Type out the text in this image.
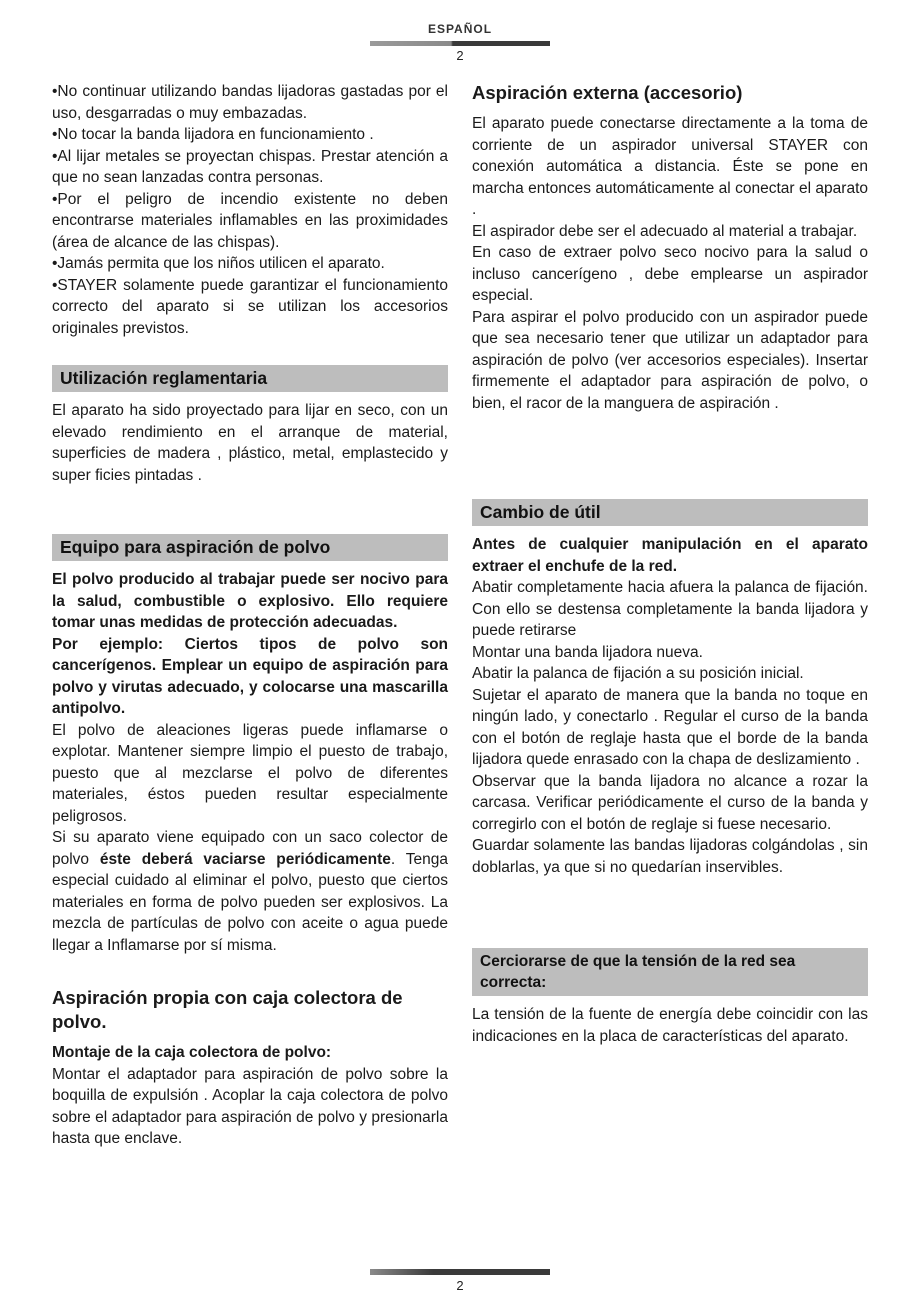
ESPAÑOL
2

•No continuar utilizando bandas lijadoras gastadas por el uso, desgarradas o muy embazadas.

•No tocar la banda lijadora en funcionamiento .

•Al lijar metales se proyectan chispas. Prestar atención a que no sean lanzadas contra personas.

•Por el peligro de incendio existente no deben encontrarse materiales inflamables en las proximidades (área de alcance de las chispas).

•Jamás permita que los niños utilicen el aparato.

•STAYER solamente puede garantizar el funcionamiento correcto del aparato si se utilizan los accesorios originales previstos.

Utilización reglamentaria

El aparato ha sido proyectado para lijar en seco, con un elevado rendimiento en el arranque de material, superficies de madera , plástico, metal, emplastecido y super ficies pintadas .

Equipo para aspiración de polvo

El polvo producido al trabajar puede ser nocivo para la salud, combustible o explosivo. Ello requiere tomar unas medidas de protección adecuadas.

Por ejemplo: Ciertos tipos de polvo son cancerígenos. Emplear un equipo de aspiración para polvo y virutas adecuado, y colocarse una mascarilla antipolvo.

El polvo de aleaciones ligeras puede inflamarse o explotar. Mantener siempre limpio el puesto de trabajo, puesto que al mezclarse el polvo de diferentes materiales, éstos pueden resultar especialmente peligrosos.

Si su aparato viene equipado con un saco colector de polvo éste deberá vaciarse periódicamente. Tenga especial cuidado al eliminar el polvo, puesto que ciertos materiales en forma de polvo pueden ser explosivos. La mezcla de partículas de polvo con aceite o agua puede llegar a Inflamarse por sí misma.

Aspiración propia con caja colectora de polvo.
Montaje de la caja colectora de polvo:

Montar el adaptador para aspiración de polvo sobre la boquilla de expulsión . Acoplar la caja colectora de polvo sobre el adaptador para aspiración de polvo y presionarla hasta que enclave.

Aspiración externa (accesorio)

El aparato puede conectarse directamente a la toma de corriente de un aspirador universal STAYER con conexión automática a distancia. Éste se pone en marcha entonces automáticamente al conectar el aparato .

El aspirador debe ser el adecuado al material a trabajar.

En caso de extraer polvo seco nocivo para la salud o incluso cancerígeno , debe emplearse un aspirador especial.

Para aspirar el polvo producido con un aspirador puede que sea necesario tener que utilizar un adaptador para aspiración de polvo (ver accesorios especiales). Insertar firmemente el adaptador para aspiración de polvo, o bien, el racor de la manguera de aspiración .

Cambio de útil

Antes de cualquier manipulación en el aparato extraer el enchufe de la red.

Abatir completamente hacia afuera la palanca de fijación. Con ello se destensa completamente la banda lijadora y puede retirarse

Montar una banda lijadora nueva.

Abatir la palanca de fijación a su posición inicial.

Sujetar el aparato de manera que la banda no toque en ningún lado, y conectarlo . Regular el curso de la banda con el botón de reglaje hasta que el borde de la banda lijadora quede enrasado con la chapa de deslizamiento .

Observar que la banda lijadora no alcance a rozar la carcasa. Verificar periódicamente el curso de la banda y corregirlo con el botón de reglaje si fuese necesario.

Guardar solamente las bandas lijadoras colgándolas , sin doblarlas, ya que si no quedarían inservibles.

Cerciorarse de que la tensión de la red sea correcta:

La tensión de la fuente de energía debe coincidir con las indicaciones en la placa de características del aparato.

2
